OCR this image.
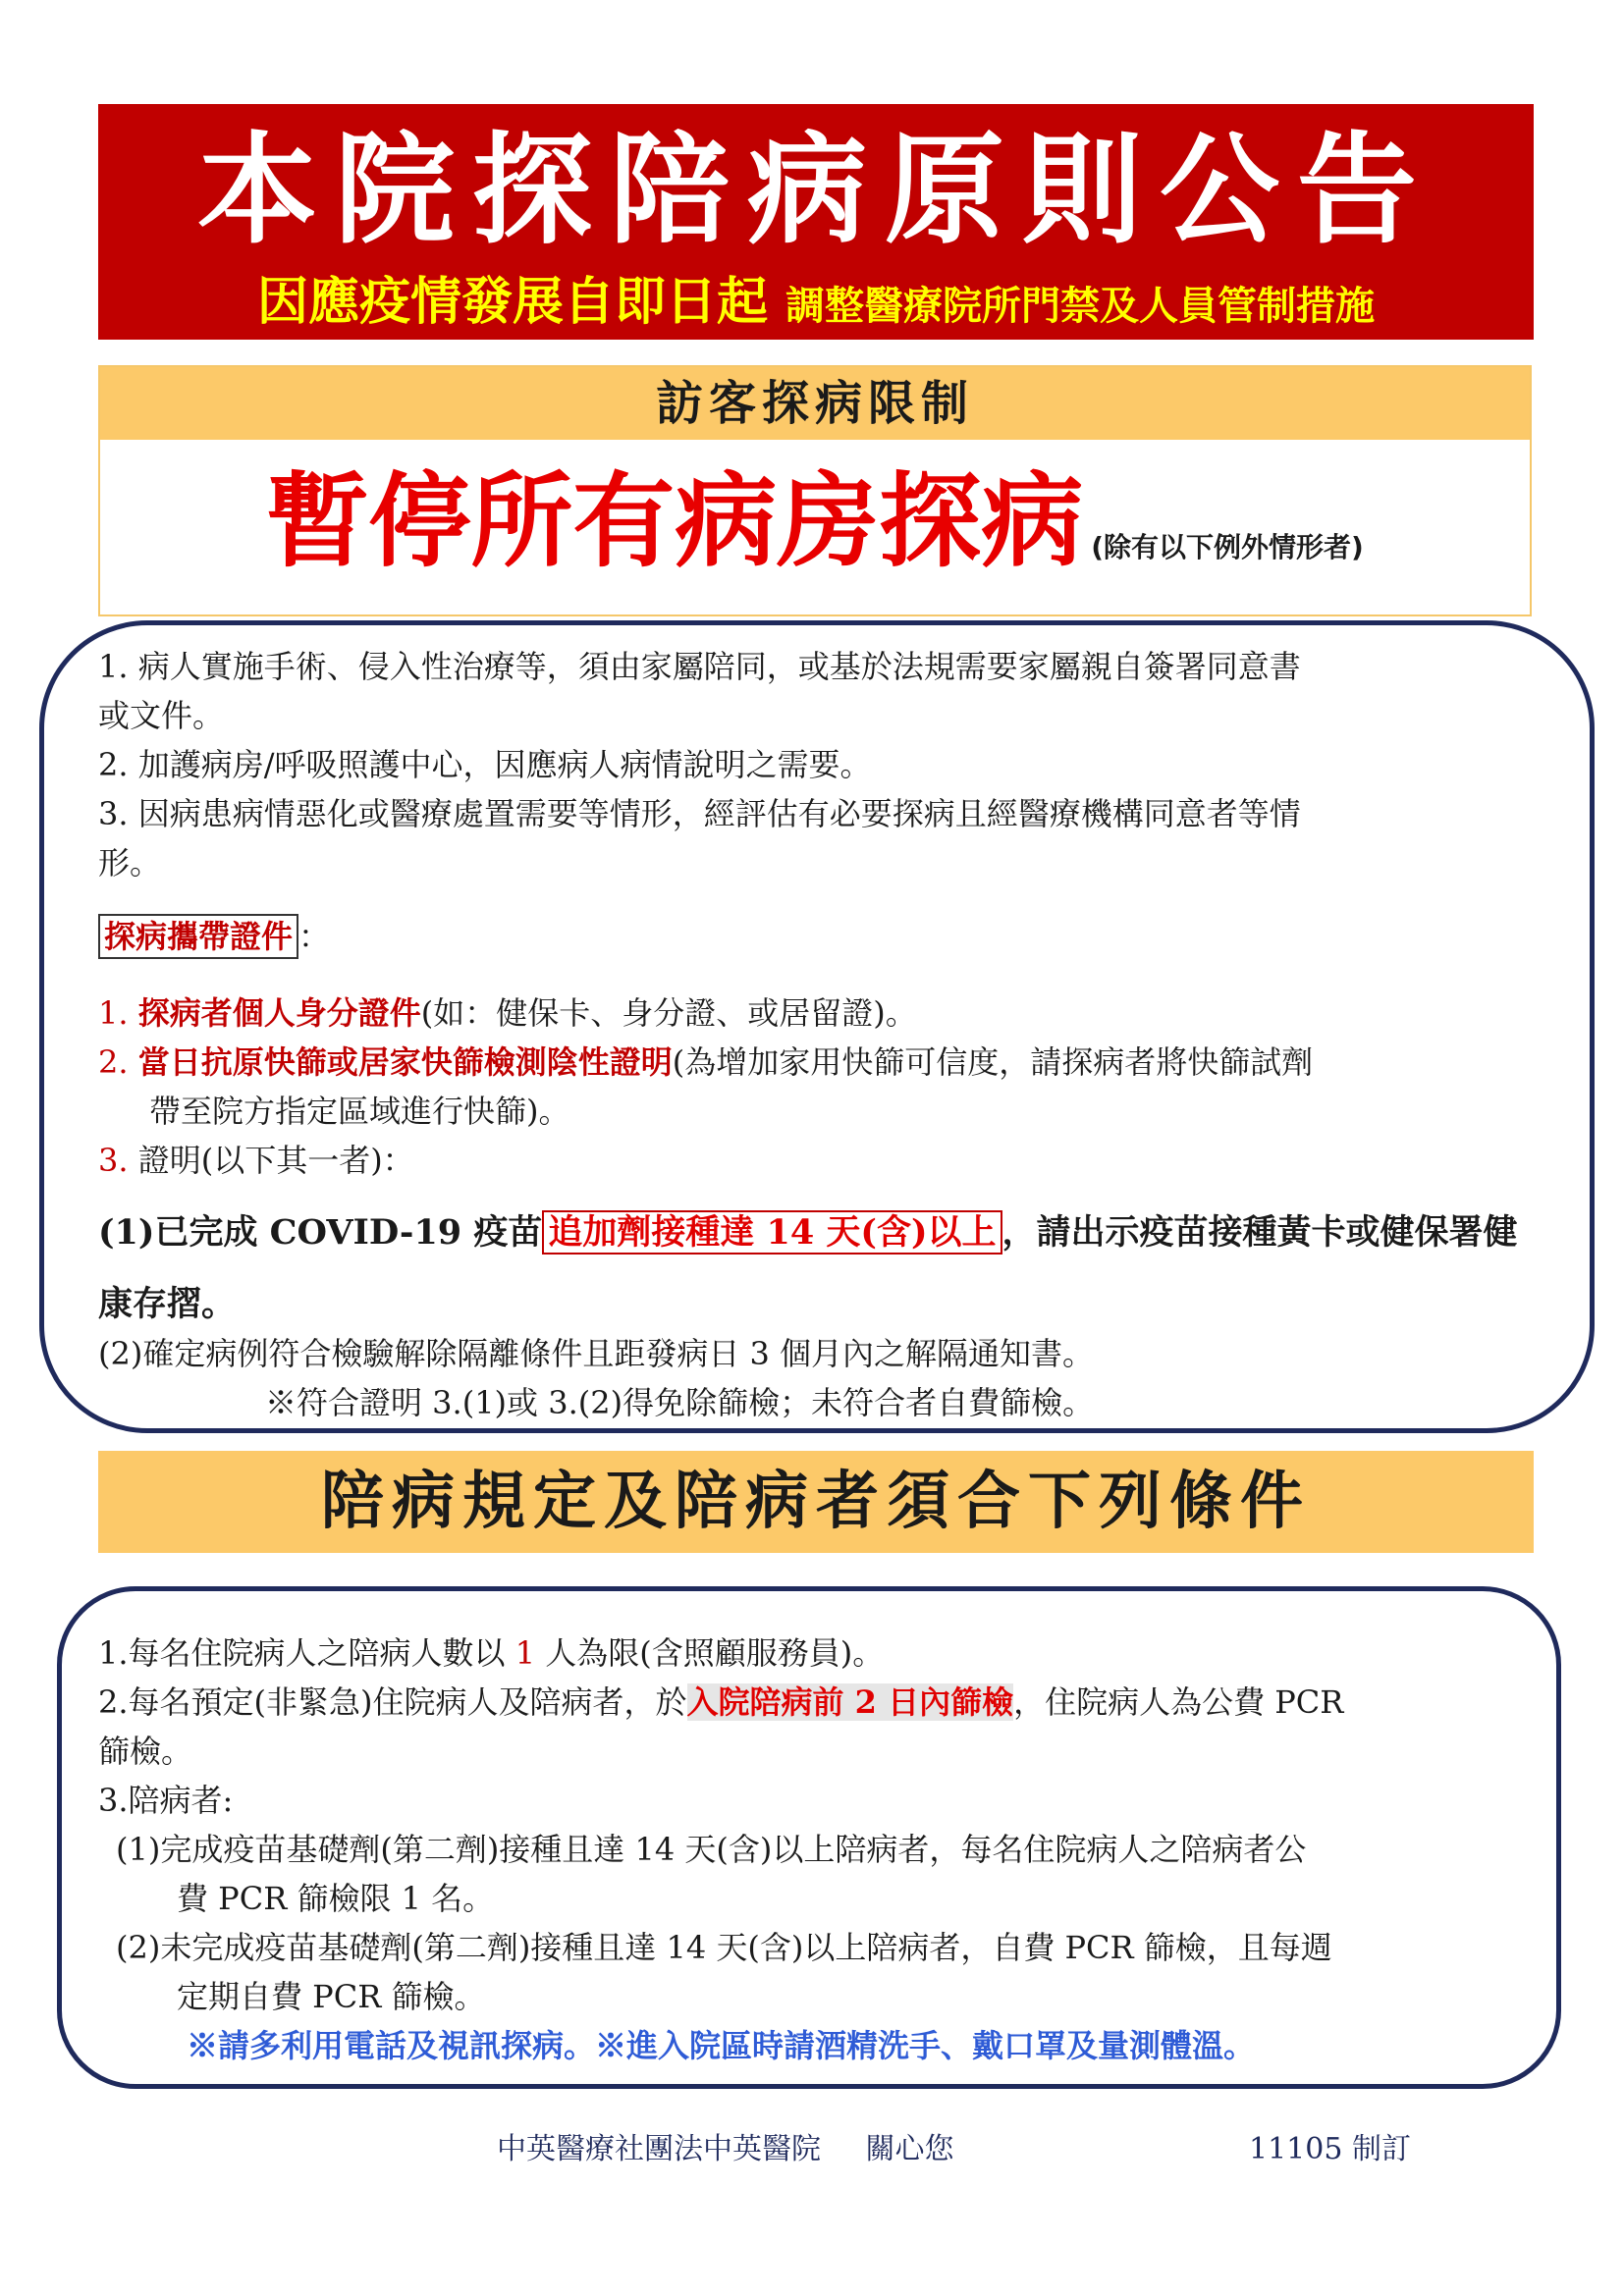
本院探陪病原則公告
因應疫情發展自即日起 調整醫療院所門禁及人員管制措施
訪客探病限制
暫停所有病房探病 (除有以下例外情形者)
1. 病人實施手術、侵入性治療等，須由家屬陪同，或基於法規需要家屬親自簽署同意書
或文件。
2. 加護病房/呼吸照護中心，因應病人病情說明之需要。
3. 因病患病情惡化或醫療處置需要等情形，經評估有必要探病且經醫療機構同意者等情
形。
探病攜帶證件 ：
1. 探病者個人身分證件(如：健保卡、身分證、或居留證)。
2. 當日抗原快篩或居家快篩檢測陰性證明(為增加家用快篩可信度，請探病者將快篩試劑
帶至院方指定區域進行快篩)。
3. 證明(以下其一者)：
(1)已完成 COVID-19 疫苗 追加劑接種達 14 天(含)以上 ，請出示疫苗接種黃卡或健保署健
康存摺。
(2)確定病例符合檢驗解除隔離條件且距發病日 3 個月內之解隔通知書。
※符合證明 3.(1)或 3.(2)得免除篩檢；未符合者自費篩檢。
陪病規定及陪病者須合下列條件
1.每名住院病人之陪病人數以 1 人為限(含照顧服務員)。
2.每名預定(非緊急)住院病人及陪病者，於入院陪病前 2 日內篩檢，住院病人為公費 PCR
篩檢。
3.陪病者:
(1)完成疫苗基礎劑(第二劑)接種且達 14 天(含)以上陪病者，每名住院病人之陪病者公
費 PCR 篩檢限 1 名。
(2)未完成疫苗基礎劑(第二劑)接種且達 14 天(含)以上陪病者，自費 PCR 篩檢，且每週
定期自費 PCR 篩檢。
※請多利用電話及視訊探病。※進入院區時請酒精洗手、戴口罩及量測體溫。
中英醫療社團法中英醫院 關心您	11105 制訂
